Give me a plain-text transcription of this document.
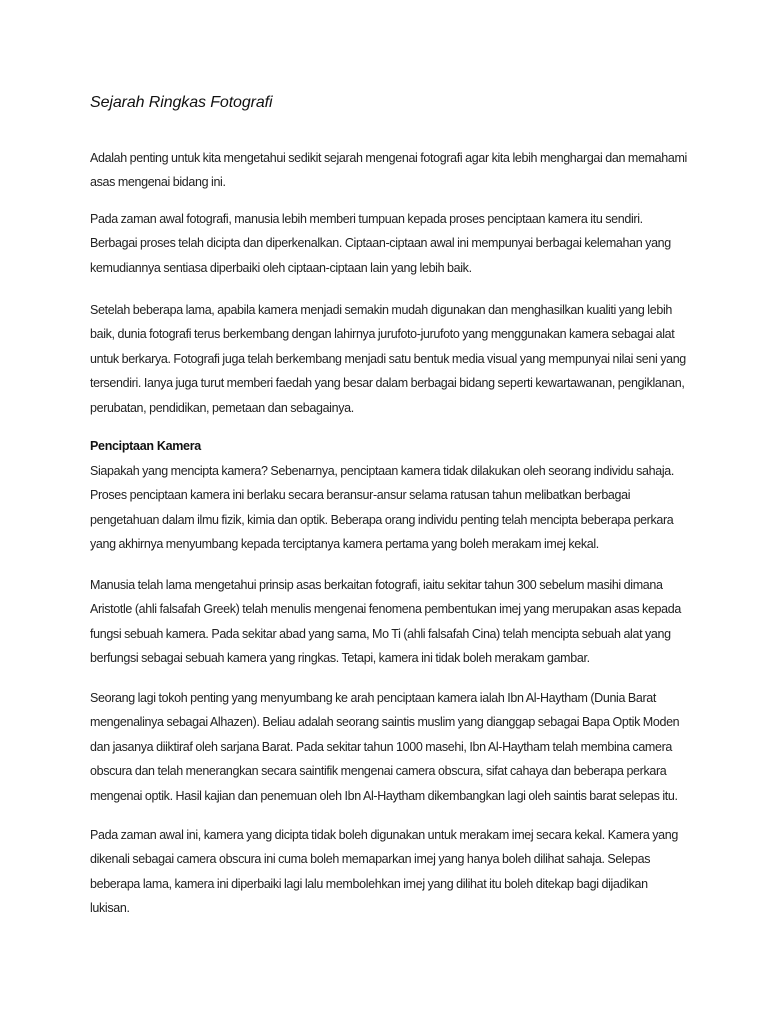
Sejarah Ringkas Fotografi

Adalah penting untuk kita mengetahui sedikit sejarah mengenai fotografi agar kita lebih menghargai dan memahami asas mengenai bidang ini.

Pada zaman awal fotografi, manusia lebih memberi tumpuan kepada proses penciptaan kamera itu sendiri. Berbagai proses telah dicipta dan diperkenalkan. Ciptaan-ciptaan awal ini mempunyai berbagai kelemahan yang kemudiannya sentiasa diperbaiki oleh ciptaan-ciptaan lain yang lebih baik.

Setelah beberapa lama, apabila kamera menjadi semakin mudah digunakan dan menghasilkan kualiti yang lebih baik, dunia fotografi terus berkembang dengan lahirnya jurufoto-jurufoto yang menggunakan kamera sebagai alat untuk berkarya. Fotografi juga telah berkembang menjadi satu bentuk media visual yang mempunyai nilai seni yang tersendiri. Ianya juga turut memberi faedah yang besar dalam berbagai bidang seperti kewartawanan, pengiklanan, perubatan, pendidikan, pemetaan dan sebagainya.

Penciptaan Kamera

Siapakah yang mencipta kamera? Sebenarnya, penciptaan kamera tidak dilakukan oleh seorang individu sahaja. Proses penciptaan kamera ini berlaku secara beransur-ansur selama ratusan tahun melibatkan berbagai pengetahuan dalam ilmu fizik, kimia dan optik. Beberapa orang individu penting telah mencipta beberapa perkara yang akhirnya menyumbang kepada terciptanya kamera pertama yang boleh merakam imej kekal.

Manusia telah lama mengetahui prinsip asas berkaitan fotografi, iaitu sekitar tahun 300 sebelum masihi dimana Aristotle (ahli falsafah Greek) telah menulis mengenai fenomena pembentukan imej yang merupakan asas kepada fungsi sebuah kamera. Pada sekitar abad yang sama, Mo Ti (ahli falsafah Cina) telah mencipta sebuah alat yang berfungsi sebagai sebuah kamera yang ringkas. Tetapi, kamera ini tidak boleh merakam gambar.

Seorang lagi tokoh penting yang menyumbang ke arah penciptaan kamera ialah Ibn Al-Haytham (Dunia Barat mengenalinya sebagai Alhazen). Beliau adalah seorang saintis muslim yang dianggap sebagai Bapa Optik Moden dan jasanya diiktiraf oleh sarjana Barat. Pada sekitar tahun 1000 masehi, Ibn Al-Haytham telah membina camera obscura dan telah menerangkan secara saintifik mengenai camera obscura, sifat cahaya dan beberapa perkara mengenai optik. Hasil kajian dan penemuan oleh Ibn Al-Haytham dikembangkan lagi oleh saintis barat selepas itu.

Pada zaman awal ini, kamera yang dicipta tidak boleh digunakan untuk merakam imej secara kekal. Kamera yang dikenali sebagai camera obscura ini cuma boleh memaparkan imej yang hanya boleh dilihat sahaja. Selepas beberapa lama, kamera ini diperbaiki lagi lalu membolehkan imej yang dilihat itu boleh ditekap bagi dijadikan lukisan.
